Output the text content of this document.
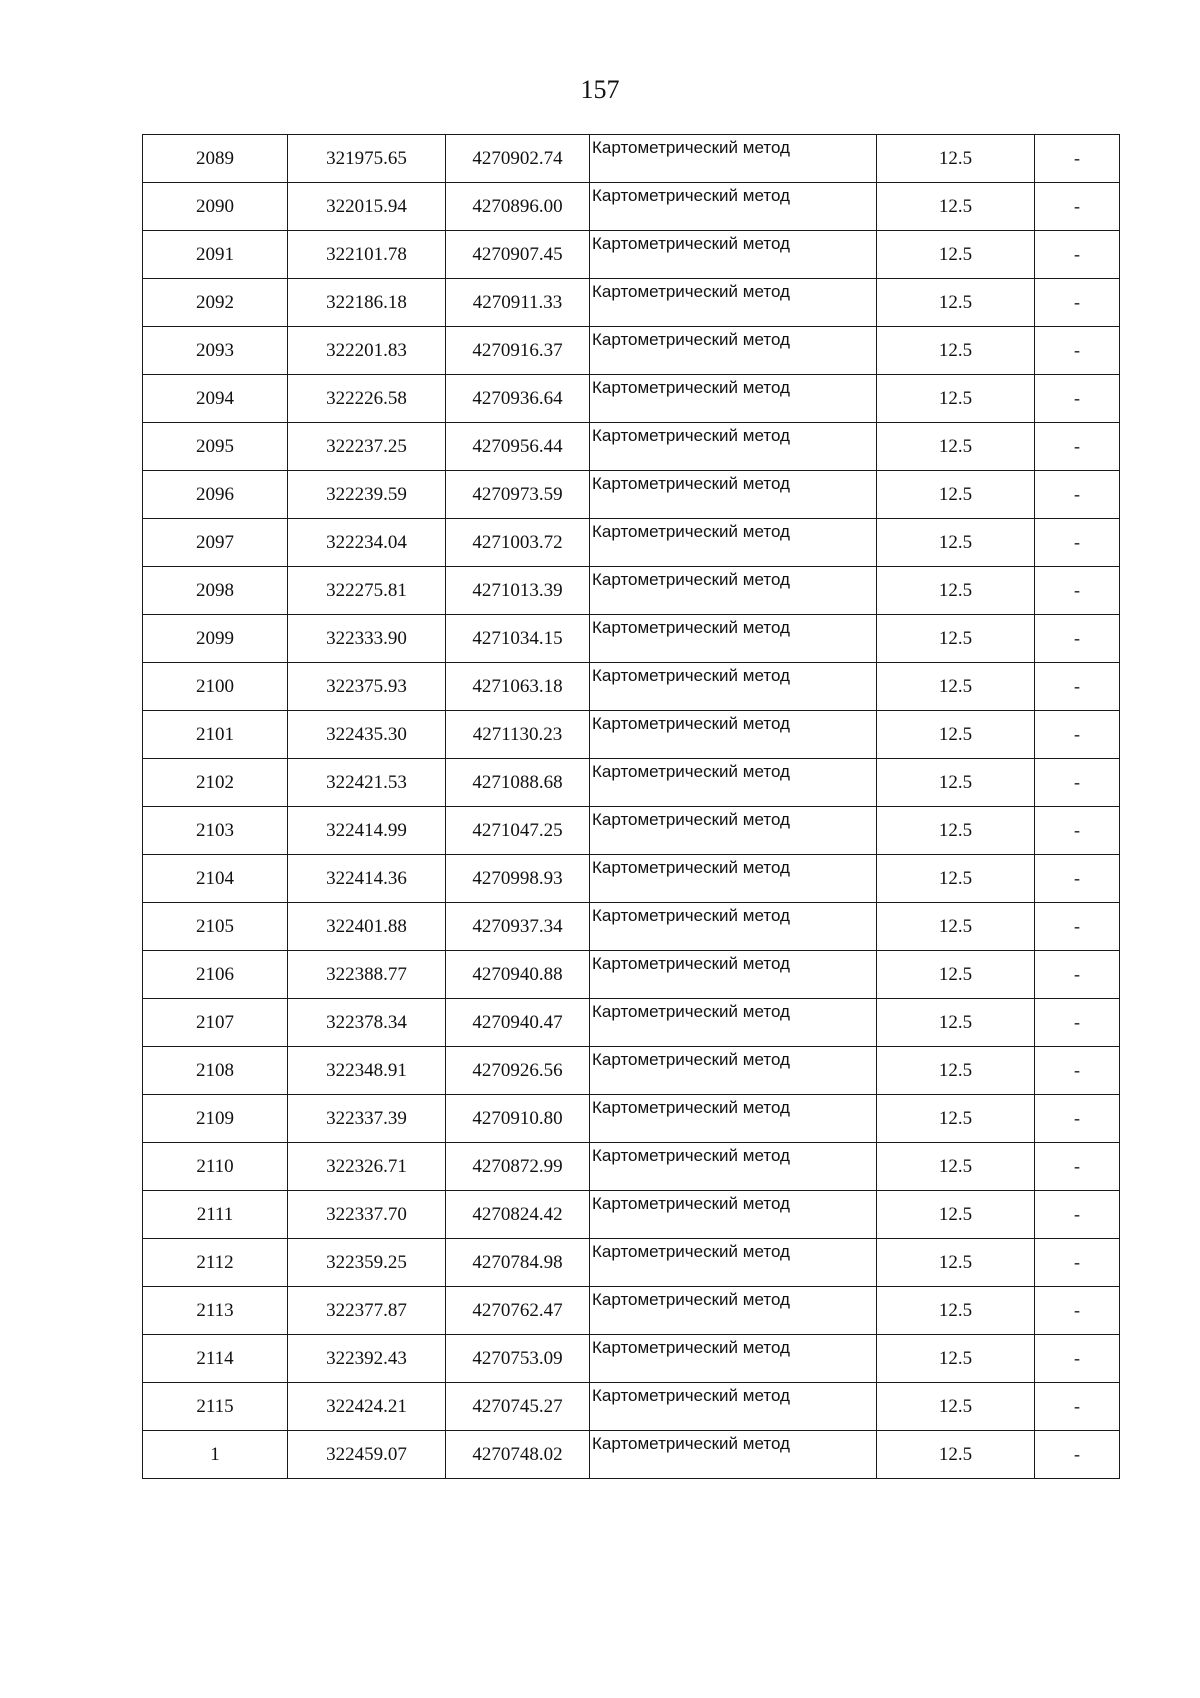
157
2089	321975.65	4270902.74	Картометрический метод	12.5	-
2090	322015.94	4270896.00	Картометрический метод	12.5	-
2091	322101.78	4270907.45	Картометрический метод	12.5	-
2092	322186.18	4270911.33	Картометрический метод	12.5	-
2093	322201.83	4270916.37	Картометрический метод	12.5	-
2094	322226.58	4270936.64	Картометрический метод	12.5	-
2095	322237.25	4270956.44	Картометрический метод	12.5	-
2096	322239.59	4270973.59	Картометрический метод	12.5	-
2097	322234.04	4271003.72	Картометрический метод	12.5	-
2098	322275.81	4271013.39	Картометрический метод	12.5	-
2099	322333.90	4271034.15	Картометрический метод	12.5	-
2100	322375.93	4271063.18	Картометрический метод	12.5	-
2101	322435.30	4271130.23	Картометрический метод	12.5	-
2102	322421.53	4271088.68	Картометрический метод	12.5	-
2103	322414.99	4271047.25	Картометрический метод	12.5	-
2104	322414.36	4270998.93	Картометрический метод	12.5	-
2105	322401.88	4270937.34	Картометрический метод	12.5	-
2106	322388.77	4270940.88	Картометрический метод	12.5	-
2107	322378.34	4270940.47	Картометрический метод	12.5	-
2108	322348.91	4270926.56	Картометрический метод	12.5	-
2109	322337.39	4270910.80	Картометрический метод	12.5	-
2110	322326.71	4270872.99	Картометрический метод	12.5	-
2111	322337.70	4270824.42	Картометрический метод	12.5	-
2112	322359.25	4270784.98	Картометрический метод	12.5	-
2113	322377.87	4270762.47	Картометрический метод	12.5	-
2114	322392.43	4270753.09	Картометрический метод	12.5	-
2115	322424.21	4270745.27	Картометрический метод	12.5	-
1	322459.07	4270748.02	Картометрический метод	12.5	-
